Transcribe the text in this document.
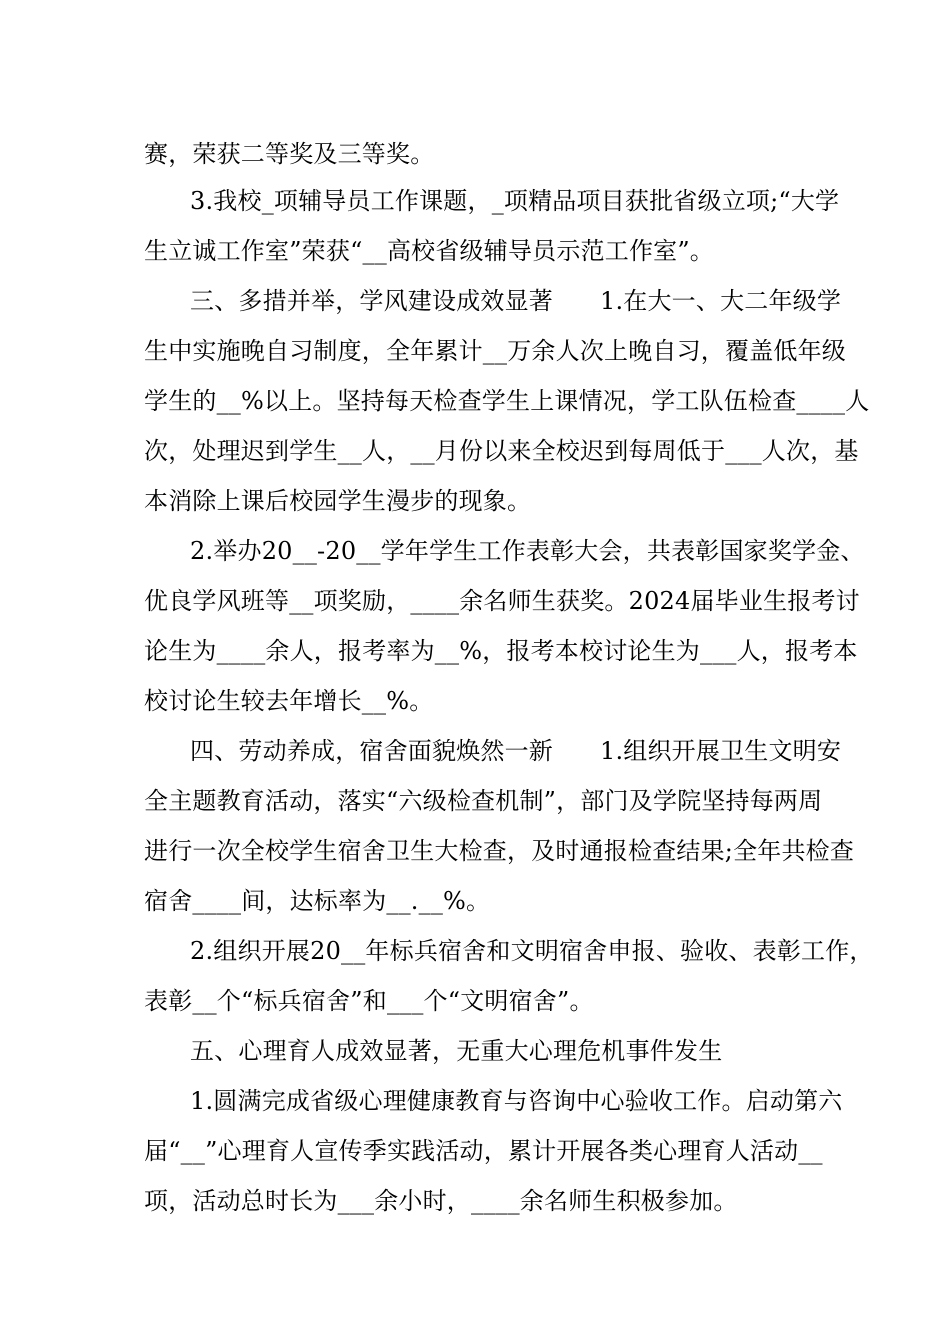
赛，荣获二等奖及三等奖。
3.我校_项辅导员工作课题，_项精品项目获批省级立项;“大学
生立诚工作室”荣获“__高校省级辅导员示范工作室”。
三、多措并举，学风建设成效显著      1.在大一、大二年级学
生中实施晚自习制度，全年累计__万余人次上晚自习，覆盖低年级
学生的__%以上。坚持每天检查学生上课情况，学工队伍检查____人
次，处理迟到学生__人，__月份以来全校迟到每周低于___人次，基
本消除上课后校园学生漫步的现象。
2.举办20__-20__学年学生工作表彰大会，共表彰国家奖学金、
优良学风班等__项奖励，____余名师生获奖。2024届毕业生报考讨
论生为____余人，报考率为__%，报考本校讨论生为___人，报考本
校讨论生较去年增长__%。
四、劳动养成，宿舍面貌焕然一新      1.组织开展卫生文明安
全主题教育活动，落实“六级检查机制”，部门及学院坚持每两周
进行一次全校学生宿舍卫生大检查，及时通报检查结果;全年共检查
宿舍____间，达标率为__.__%。
2.组织开展20__年标兵宿舍和文明宿舍申报、验收、表彰工作，
表彰__个“标兵宿舍”和___个“文明宿舍”。
五、心理育人成效显著，无重大心理危机事件发生
1.圆满完成省级心理健康教育与咨询中心验收工作。启动第六
届“__”心理育人宣传季实践活动，累计开展各类心理育人活动__
项，活动总时长为___余小时，____余名师生积极参加。
